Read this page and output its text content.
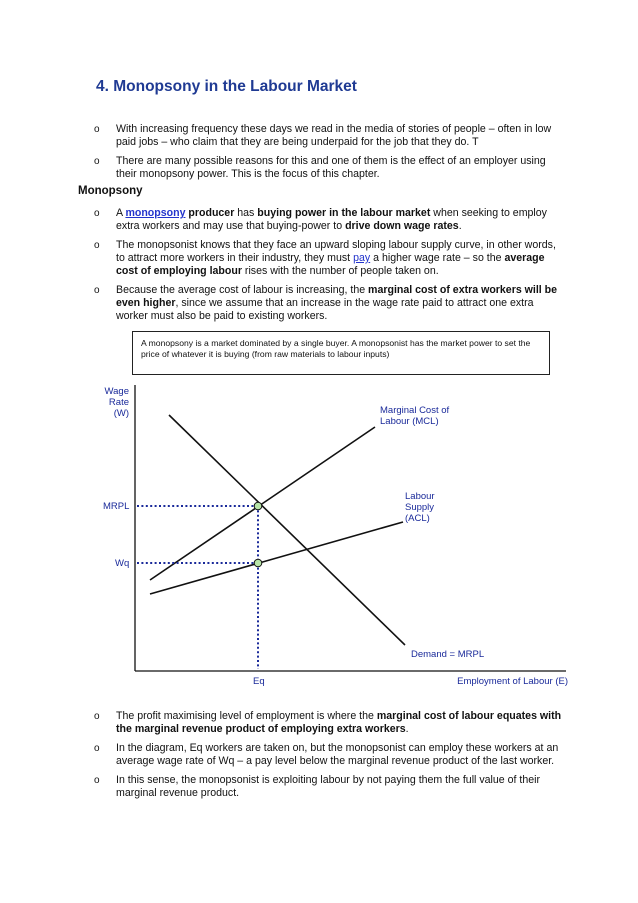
4. Monopsony in the Labour Market
o With increasing frequency these days we read in the media of stories of people – often in low paid jobs – who claim that they are being underpaid for the job that they do. T
o There are many possible reasons for this and one of them is the effect of an employer using their monopsony power. This is the focus of this chapter.
Monopsony
o A monopsony producer has buying power in the labour market when seeking to employ extra workers and may use that buying-power to drive down wage rates.
o The monopsonist knows that they face an upward sloping labour supply curve, in other words, to attract more workers in their industry, they must pay a higher wage rate – so the average cost of employing labour rises with the number of people taken on.
o Because the average cost of labour is increasing, the marginal cost of extra workers will be even higher, since we assume that an increase in the wage rate paid to attract one extra worker must also be paid to existing workers.
A monopsony is a market dominated by a single buyer. A monopsonist has the market power to set the price of whatever it is buying (from raw materials to labour inputs)
Wage
Rate
(W)	Marginal Cost of
Labour (MCL)
Labour
Supply
(ACL)
Demand = MRPL
MRPL
Wq
Eq	Employment of Labour (E)
o The profit maximising level of employment is where the marginal cost of labour equates with the marginal revenue product of employing extra workers.
o In the diagram, Eq workers are taken on, but the monopsonist can employ these workers at an average wage rate of Wq – a pay level below the marginal revenue product of the last worker.
o In this sense, the monopsonist is exploiting labour by not paying them the full value of their marginal revenue product.
